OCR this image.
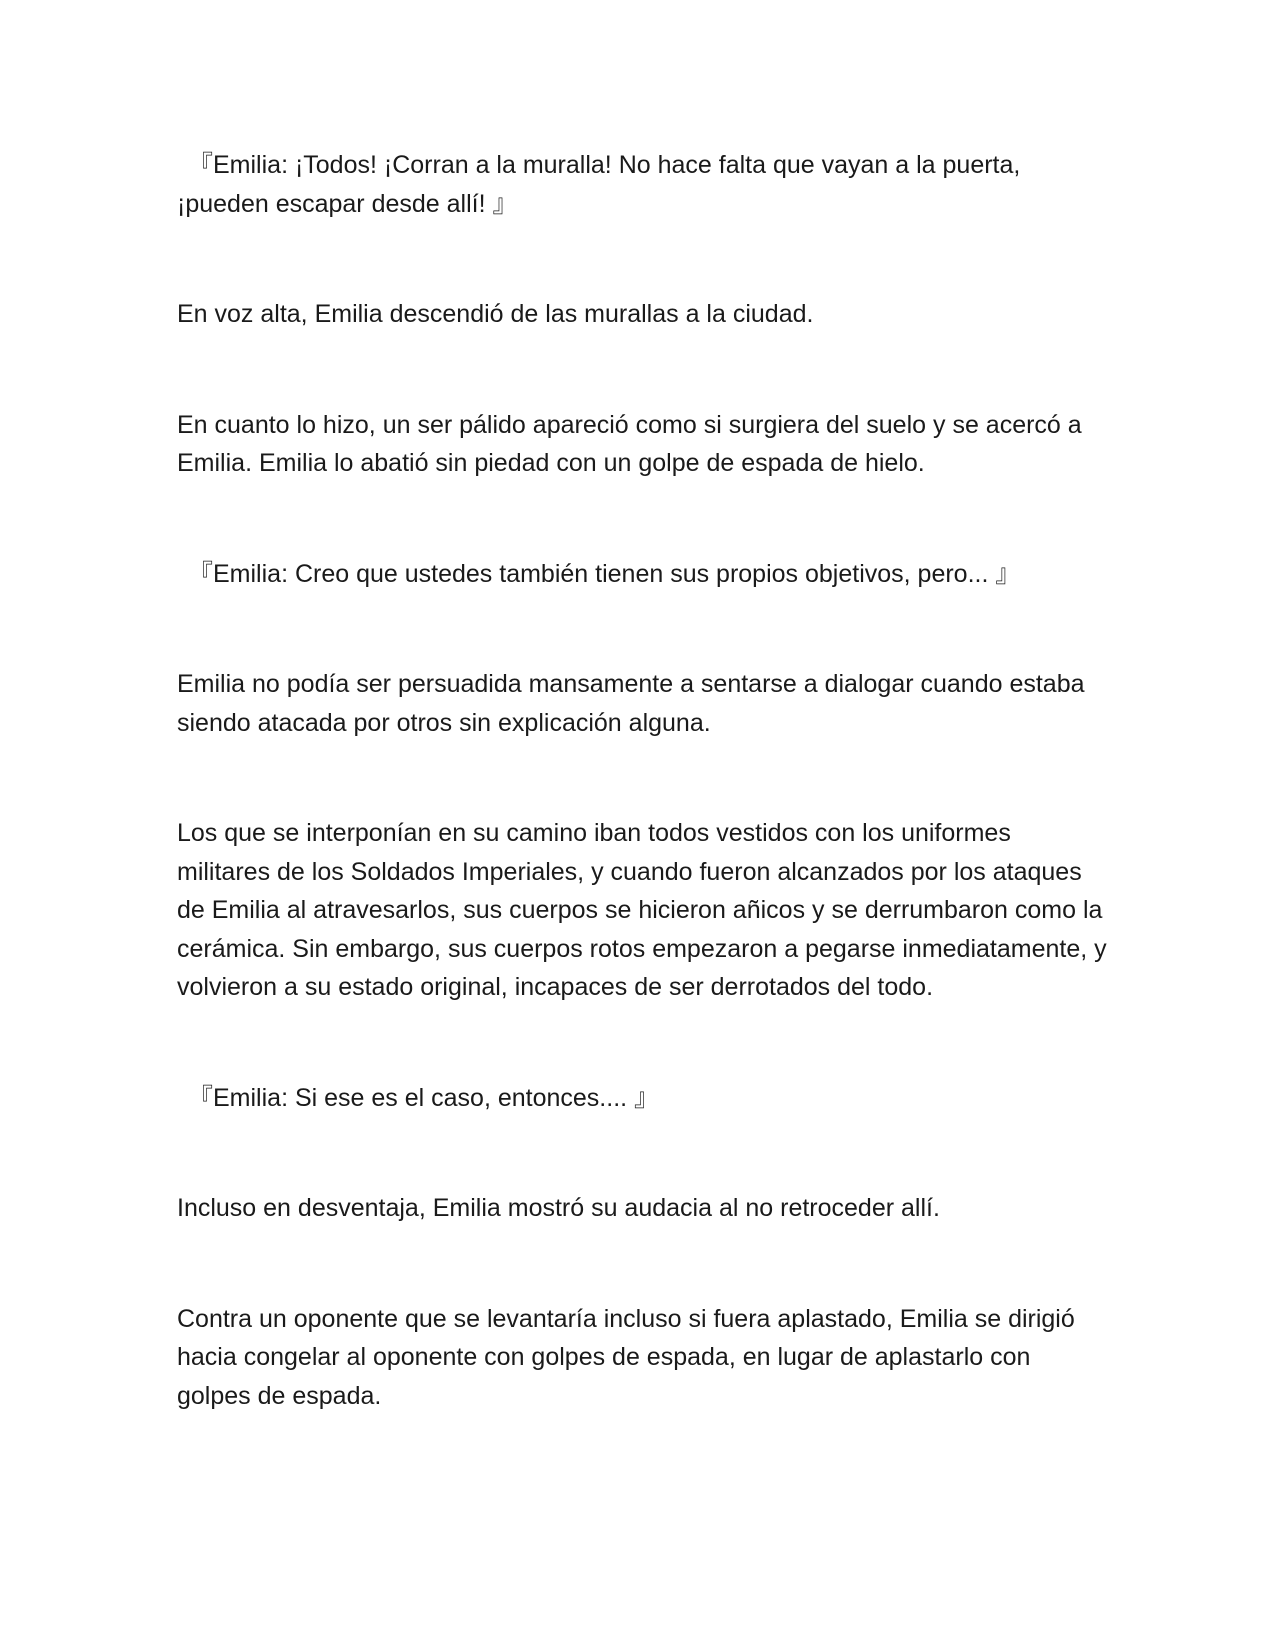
『Emilia: ¡Todos! ¡Corran a la muralla! No hace falta que vayan a la puerta, ¡pueden escapar desde allí! 』

En voz alta, Emilia descendió de las murallas a la ciudad.

En cuanto lo hizo, un ser pálido apareció como si surgiera del suelo y se acercó a Emilia. Emilia lo abatió sin piedad con un golpe de espada de hielo.

『Emilia: Creo que ustedes también tienen sus propios objetivos, pero... 』

Emilia no podía ser persuadida mansamente a sentarse a dialogar cuando estaba siendo atacada por otros sin explicación alguna.

Los que se interponían en su camino iban todos vestidos con los uniformes militares de los Soldados Imperiales, y cuando fueron alcanzados por los ataques de Emilia al atravesarlos, sus cuerpos se hicieron añicos y se derrumbaron como la cerámica. Sin embargo, sus cuerpos rotos empezaron a pegarse inmediatamente, y volvieron a su estado original, incapaces de ser derrotados del todo.

『Emilia: Si ese es el caso, entonces.... 』

Incluso en desventaja, Emilia mostró su audacia al no retroceder allí.

Contra un oponente que se levantaría incluso si fuera aplastado, Emilia se dirigió hacia congelar al oponente con golpes de espada, en lugar de aplastarlo con golpes de espada.
